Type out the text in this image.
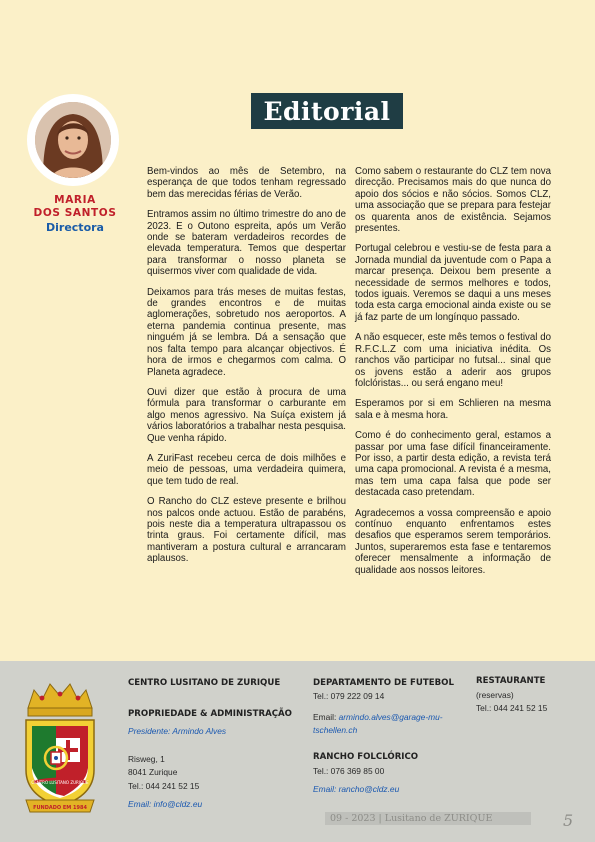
MARIA
DOS SANTOS
Directora
Editorial

Bem-vindos ao mês de Setembro, na esperança de que todos tenham regressado bem das merecidas férias de Verão.

Entramos assim no último trimestre do ano de 2023. E o Outono espreita, após um Verão onde se bateram verdadeiros recordes de elevada temperatura. Temos que despertar para transformar o nosso planeta se quisermos viver com qualidade de vida.

Deixamos para trás meses de muitas festas, de grandes encontros e de muitas aglomerações, sobretudo nos aeroportos. A eterna pandemia continua presente, mas ninguém já se lembra. Dá a sensação que nos falta tempo para alcançar objectivos. É hora de irmos e chegarmos com calma. O Planeta agradece.

Ouvi dizer que estão à procura de uma fórmula para transformar o carburante em algo menos agressivo. Na Suíça existem já vários laboratórios a trabalhar nesta pesquisa. Que venha rápido.

A ZuriFast recebeu cerca de dois milhões e meio de pessoas, uma verdadeira quimera, que tem tudo de real.

O Rancho do CLZ esteve presente e brilhou nos palcos onde actuou. Estão de parabéns, pois neste dia a temperatura ultrapassou os trinta graus. Foi certamente difícil, mas mantiveram a postura cultural e arrancaram aplausos.

Como sabem o restaurante do CLZ tem nova direcção. Precisamos mais do que nunca do apoio dos sócios e não sócios. Somos CLZ, uma associação que se prepara para festejar os quarenta anos de existência. Sejamos presentes.

Portugal celebrou e vestiu-se de festa para a Jornada mundial da juventude com o Papa a marcar presença. Deixou bem presente a necessidade de sermos melhores e todos, todos iguais. Veremos se daqui a uns meses toda esta carga emocional ainda existe ou se já faz parte de um longínquo passado.

A não esquecer, este mês temos o festival do R.F.C.L.Z com uma iniciativa inédita. Os ranchos vão participar no futsal... sinal que os jovens estão a aderir aos grupos folclóristas... ou será engano meu!

Esperamos por si em Schlieren na mesma sala e à mesma hora.

Como é do conhecimento geral, estamos a passar por uma fase difícil financeiramente. Por isso, a partir desta edição, a revista terá uma capa promocional. A revista é a mesma, mas tem uma capa falsa que pode ser destacada caso pretendam.

Agradecemos a vossa compreensão e apoio contínuo enquanto enfrentamos estes desafios que esperamos serem temporários. Juntos, superaremos esta fase e tentaremos oferecer mensalmente a informação de qualidade aos nossos leitores.

CENTRO LUSITANO ZURIQUE
FUNDADO EM 1984
CENTRO LUSITANO DE ZURIQUE
PROPRIEDADE & ADMINISTRAÇÃO
Presidente: Armindo Alves
Risweg, 1
8041 Zurique
Tel.: 044 241 52 15
Email: info@cldz.eu
DEPARTAMENTO DE FUTEBOL
Tel.: 079 222 09 14
Email: armindo.alves@garage-mu-
tschellen.ch
RANCHO FOLCLÓRICO
Tel.: 076 369 85 00
Email: rancho@cldz.eu
RESTAURANTE
(reservas)
Tel.: 044 241 52 15
09 - 2023 | Lusitano de ZURIQUE	5
